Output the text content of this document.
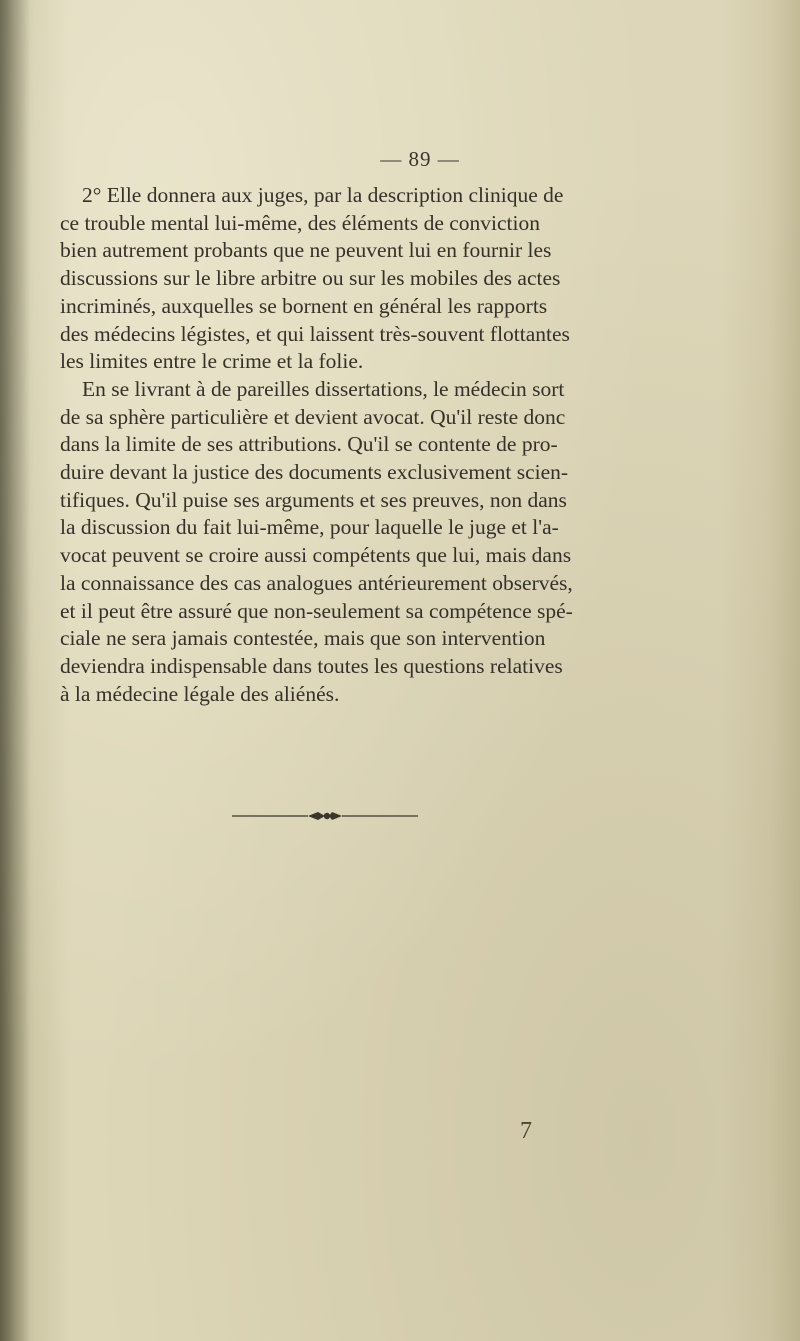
— 89 —

2° Elle donnera aux juges, par la description clinique de
ce trouble mental lui-même, des éléments de conviction
bien autrement probants que ne peuvent lui en fournir les
discussions sur le libre arbitre ou sur les mobiles des actes
incriminés, auxquelles se bornent en général les rapports
des médecins légistes, et qui laissent très-souvent flottantes
les limites entre le crime et la folie.

En se livrant à de pareilles dissertations, le médecin sort
de sa sphère particulière et devient avocat. Qu'il reste donc
dans la limite de ses attributions. Qu'il se contente de pro-
duire devant la justice des documents exclusivement scien-
tifiques. Qu'il puise ses arguments et ses preuves, non dans
la discussion du fait lui-même, pour laquelle le juge et l'a-
vocat peuvent se croire aussi compétents que lui, mais dans
la connaissance des cas analogues antérieurement observés,
et il peut être assuré que non-seulement sa compétence spé-
ciale ne sera jamais contestée, mais que son intervention
deviendra indispensable dans toutes les questions relatives
à la médecine légale des aliénés.

7
